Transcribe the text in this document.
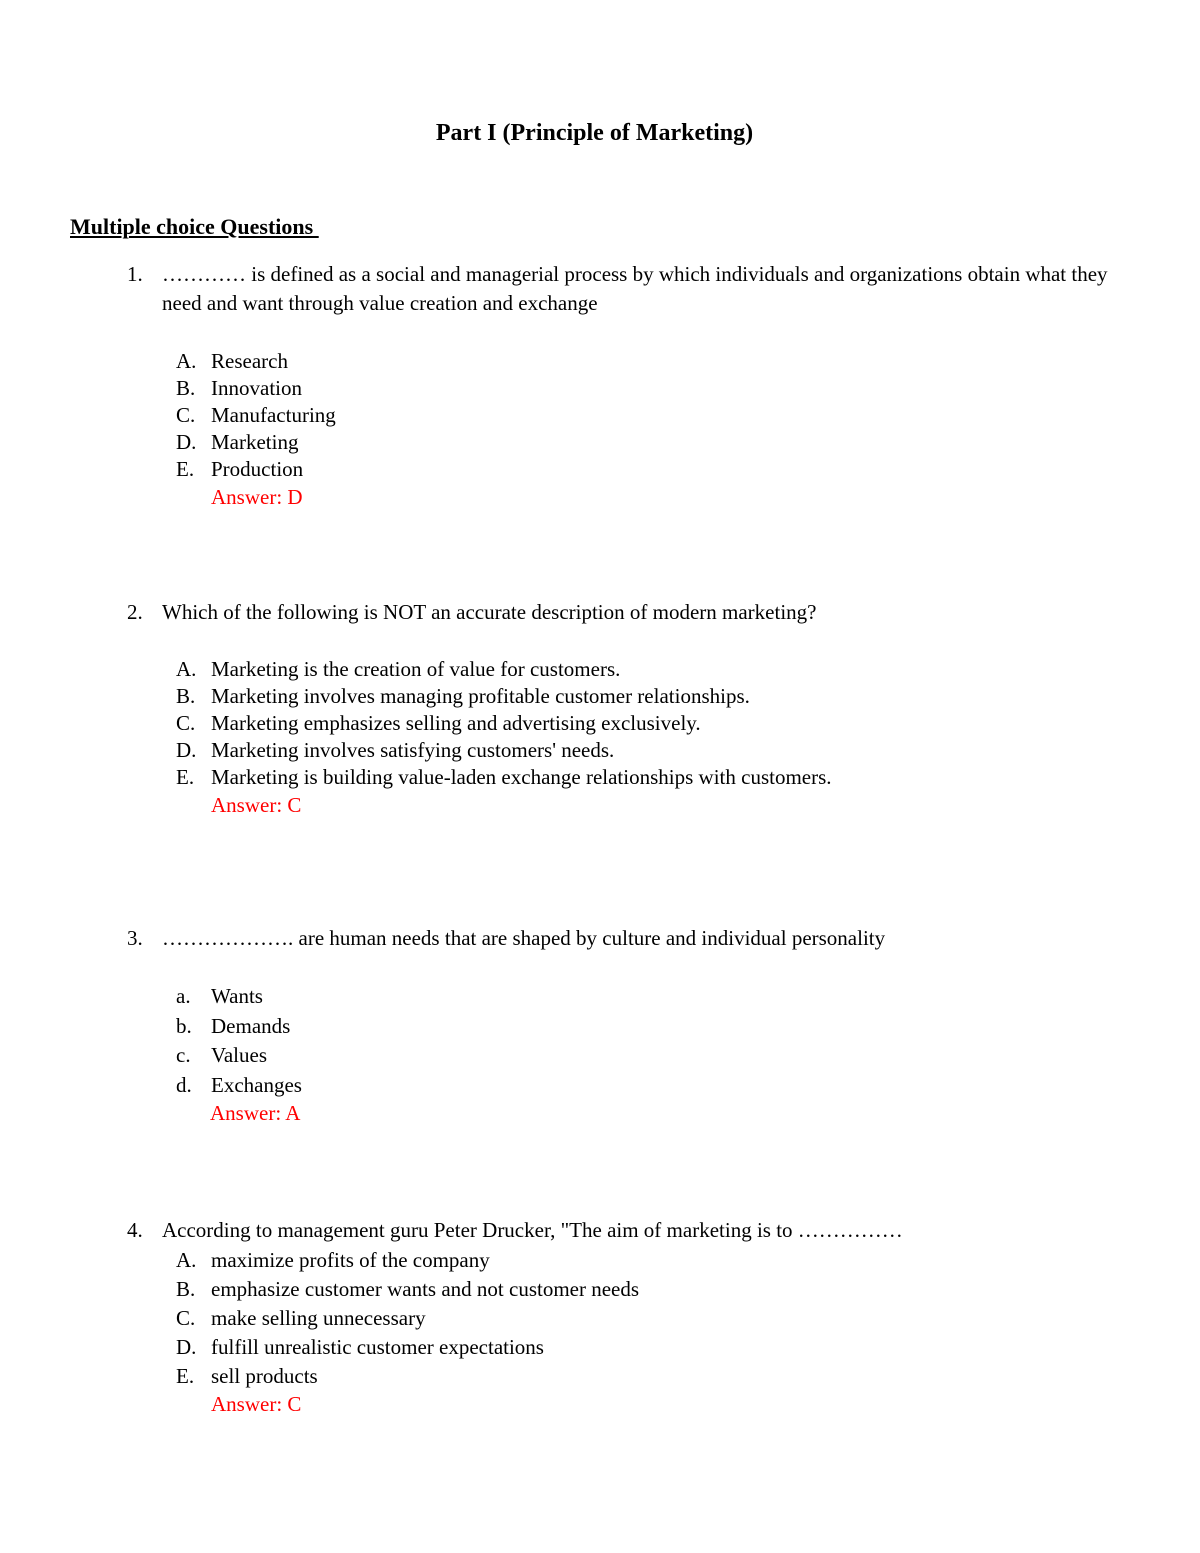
Part I (Principle of Marketing)
Multiple choice Questions
1. ………… is defined as a social and managerial process by which individuals and organizations obtain what they need and want through value creation and exchange
A. Research
B. Innovation
C. Manufacturing
D. Marketing
E. Production
Answer: D
2. Which of the following is NOT an accurate description of modern marketing?
A. Marketing is the creation of value for customers.
B. Marketing involves managing profitable customer relationships.
C. Marketing emphasizes selling and advertising exclusively.
D. Marketing involves satisfying customers' needs.
E. Marketing is building value-laden exchange relationships with customers.
Answer: C
3. ………………. are human needs that are shaped by culture and individual personality
a. Wants
b. Demands
c. Values
d. Exchanges
Answer: A
4. According to management guru Peter Drucker, "The aim of marketing is to ……………
A. maximize profits of the company
B. emphasize customer wants and not customer needs
C. make selling unnecessary
D. fulfill unrealistic customer expectations
E. sell products
Answer: C
